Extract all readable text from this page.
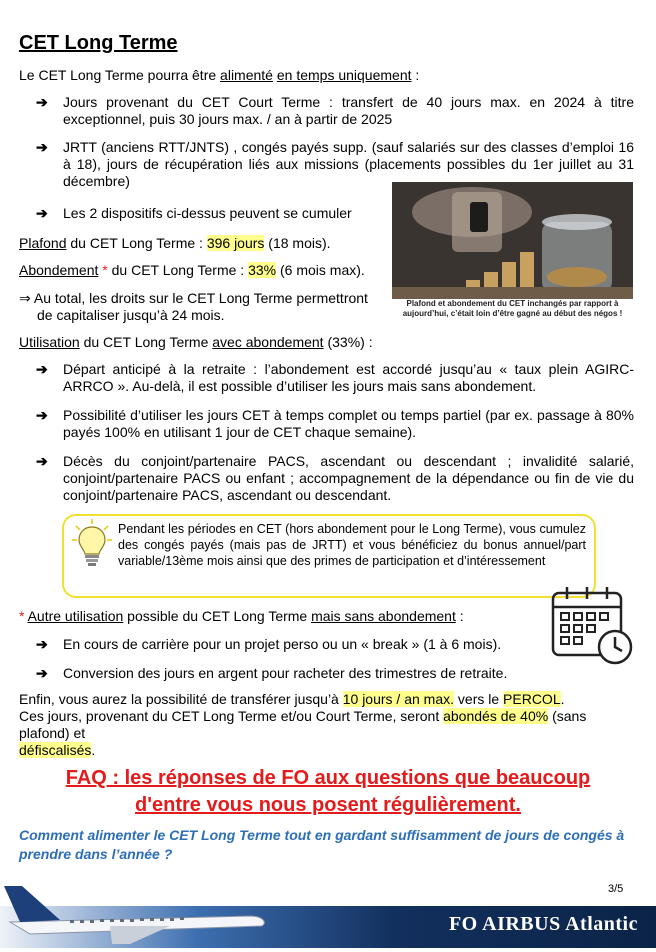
CET Long Terme
Le CET Long Terme pourra être alimenté en temps uniquement :
➔ Jours provenant du CET Court Terme : transfert de 40 jours max. en 2024 à titre exceptionnel, puis 30 jours max. / an à partir de 2025
➔ JRTT (anciens RTT/JNTS) , congés payés supp. (sauf salariés sur des classes d’emploi 16 à 18), jours de récupération liés aux missions (placements possibles du 1er juillet au 31 décembre)
➔ Les 2 dispositifs ci-dessus peuvent se cumuler
Plafond et abondement du CET inchangés par rapport à aujourd’hui, c’était loin d’être gagné au début des négos !
Plafond du CET Long Terme : 396 jours (18 mois).
Abondement * du CET Long Terme : 33% (6 mois max).
⇒ Au total, les droits sur le CET Long Terme permettront
de capitaliser jusqu’à 24 mois.
Utilisation du CET Long Terme avec abondement (33%) :
➔ Départ anticipé à la retraite : l’abondement est accordé jusqu’au « taux plein AGIRC-ARRCO ». Au-delà, il est possible d’utiliser les jours mais sans abondement.
➔ Possibilité d’utiliser les jours CET à temps complet ou temps partiel (par ex. passage à 80% payés 100% en utilisant 1 jour de CET chaque semaine).
➔ Décès du conjoint/partenaire PACS, ascendant ou descendant ; invalidité salarié, conjoint/partenaire PACS ou enfant ; accompagnement de la dépendance ou fin de vie du conjoint/partenaire PACS, ascendant ou descendant.
Pendant les périodes en CET (hors abondement pour le Long Terme), vous cumulez des congés payés (mais pas de JRTT) et vous bénéficiez du bonus annuel/part variable/13ème mois ainsi que des primes de participation et d’intéressement
* Autre utilisation possible du CET Long Terme mais sans abondement :
➔ En cours de carrière pour un projet perso ou un « break » (1 à 6 mois).
➔ Conversion des jours en argent pour racheter des trimestres de retraite.
Enfin, vous aurez la possibilité de transférer jusqu’à 10 jours / an max. vers le PERCOL.
Ces jours, provenant du CET Long Terme et/ou Court Terme, seront abondés de 40% (sans plafond) et
défiscalisés.
FAQ : les réponses de FO aux questions que beaucoup
d'entre vous nous posent régulièrement.
Comment alimenter le CET Long Terme tout en gardant suffisamment de jours de congés à prendre dans l’année ?
3/5
FO AIRBUS Atlantic
